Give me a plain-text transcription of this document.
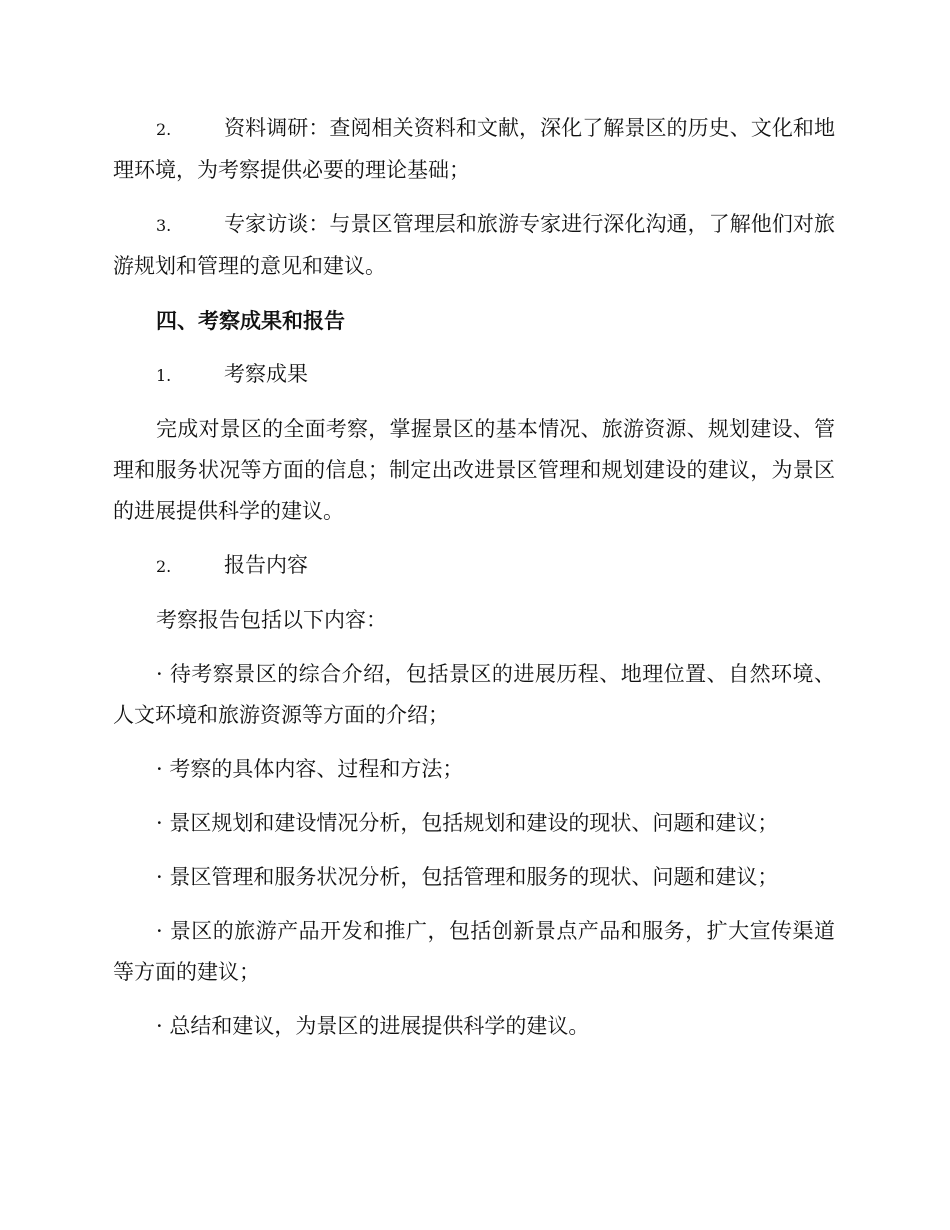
2.	资料调研：查阅相关资料和文献，深化了解景区的历史、文化和地理环境，为考察提供必要的理论基础；

3.	专家访谈：与景区管理层和旅游专家进行深化沟通，了解他们对旅游规划和管理的意见和建议。

四、考察成果和报告

1.	考察成果

完成对景区的全面考察，掌握景区的基本情况、旅游资源、规划建设、管理和服务状况等方面的信息；制定出改进景区管理和规划建设的建议，为景区的进展提供科学的建议。

2.	报告内容

考察报告包括以下内容：

· 待考察景区的综合介绍，包括景区的进展历程、地理位置、自然环境、人文环境和旅游资源等方面的介绍；

· 考察的具体内容、过程和方法；

· 景区规划和建设情况分析，包括规划和建设的现状、问题和建议；

· 景区管理和服务状况分析，包括管理和服务的现状、问题和建议；

· 景区的旅游产品开发和推广，包括创新景点产品和服务，扩大宣传渠道等方面的建议；

· 总结和建议，为景区的进展提供科学的建议。
